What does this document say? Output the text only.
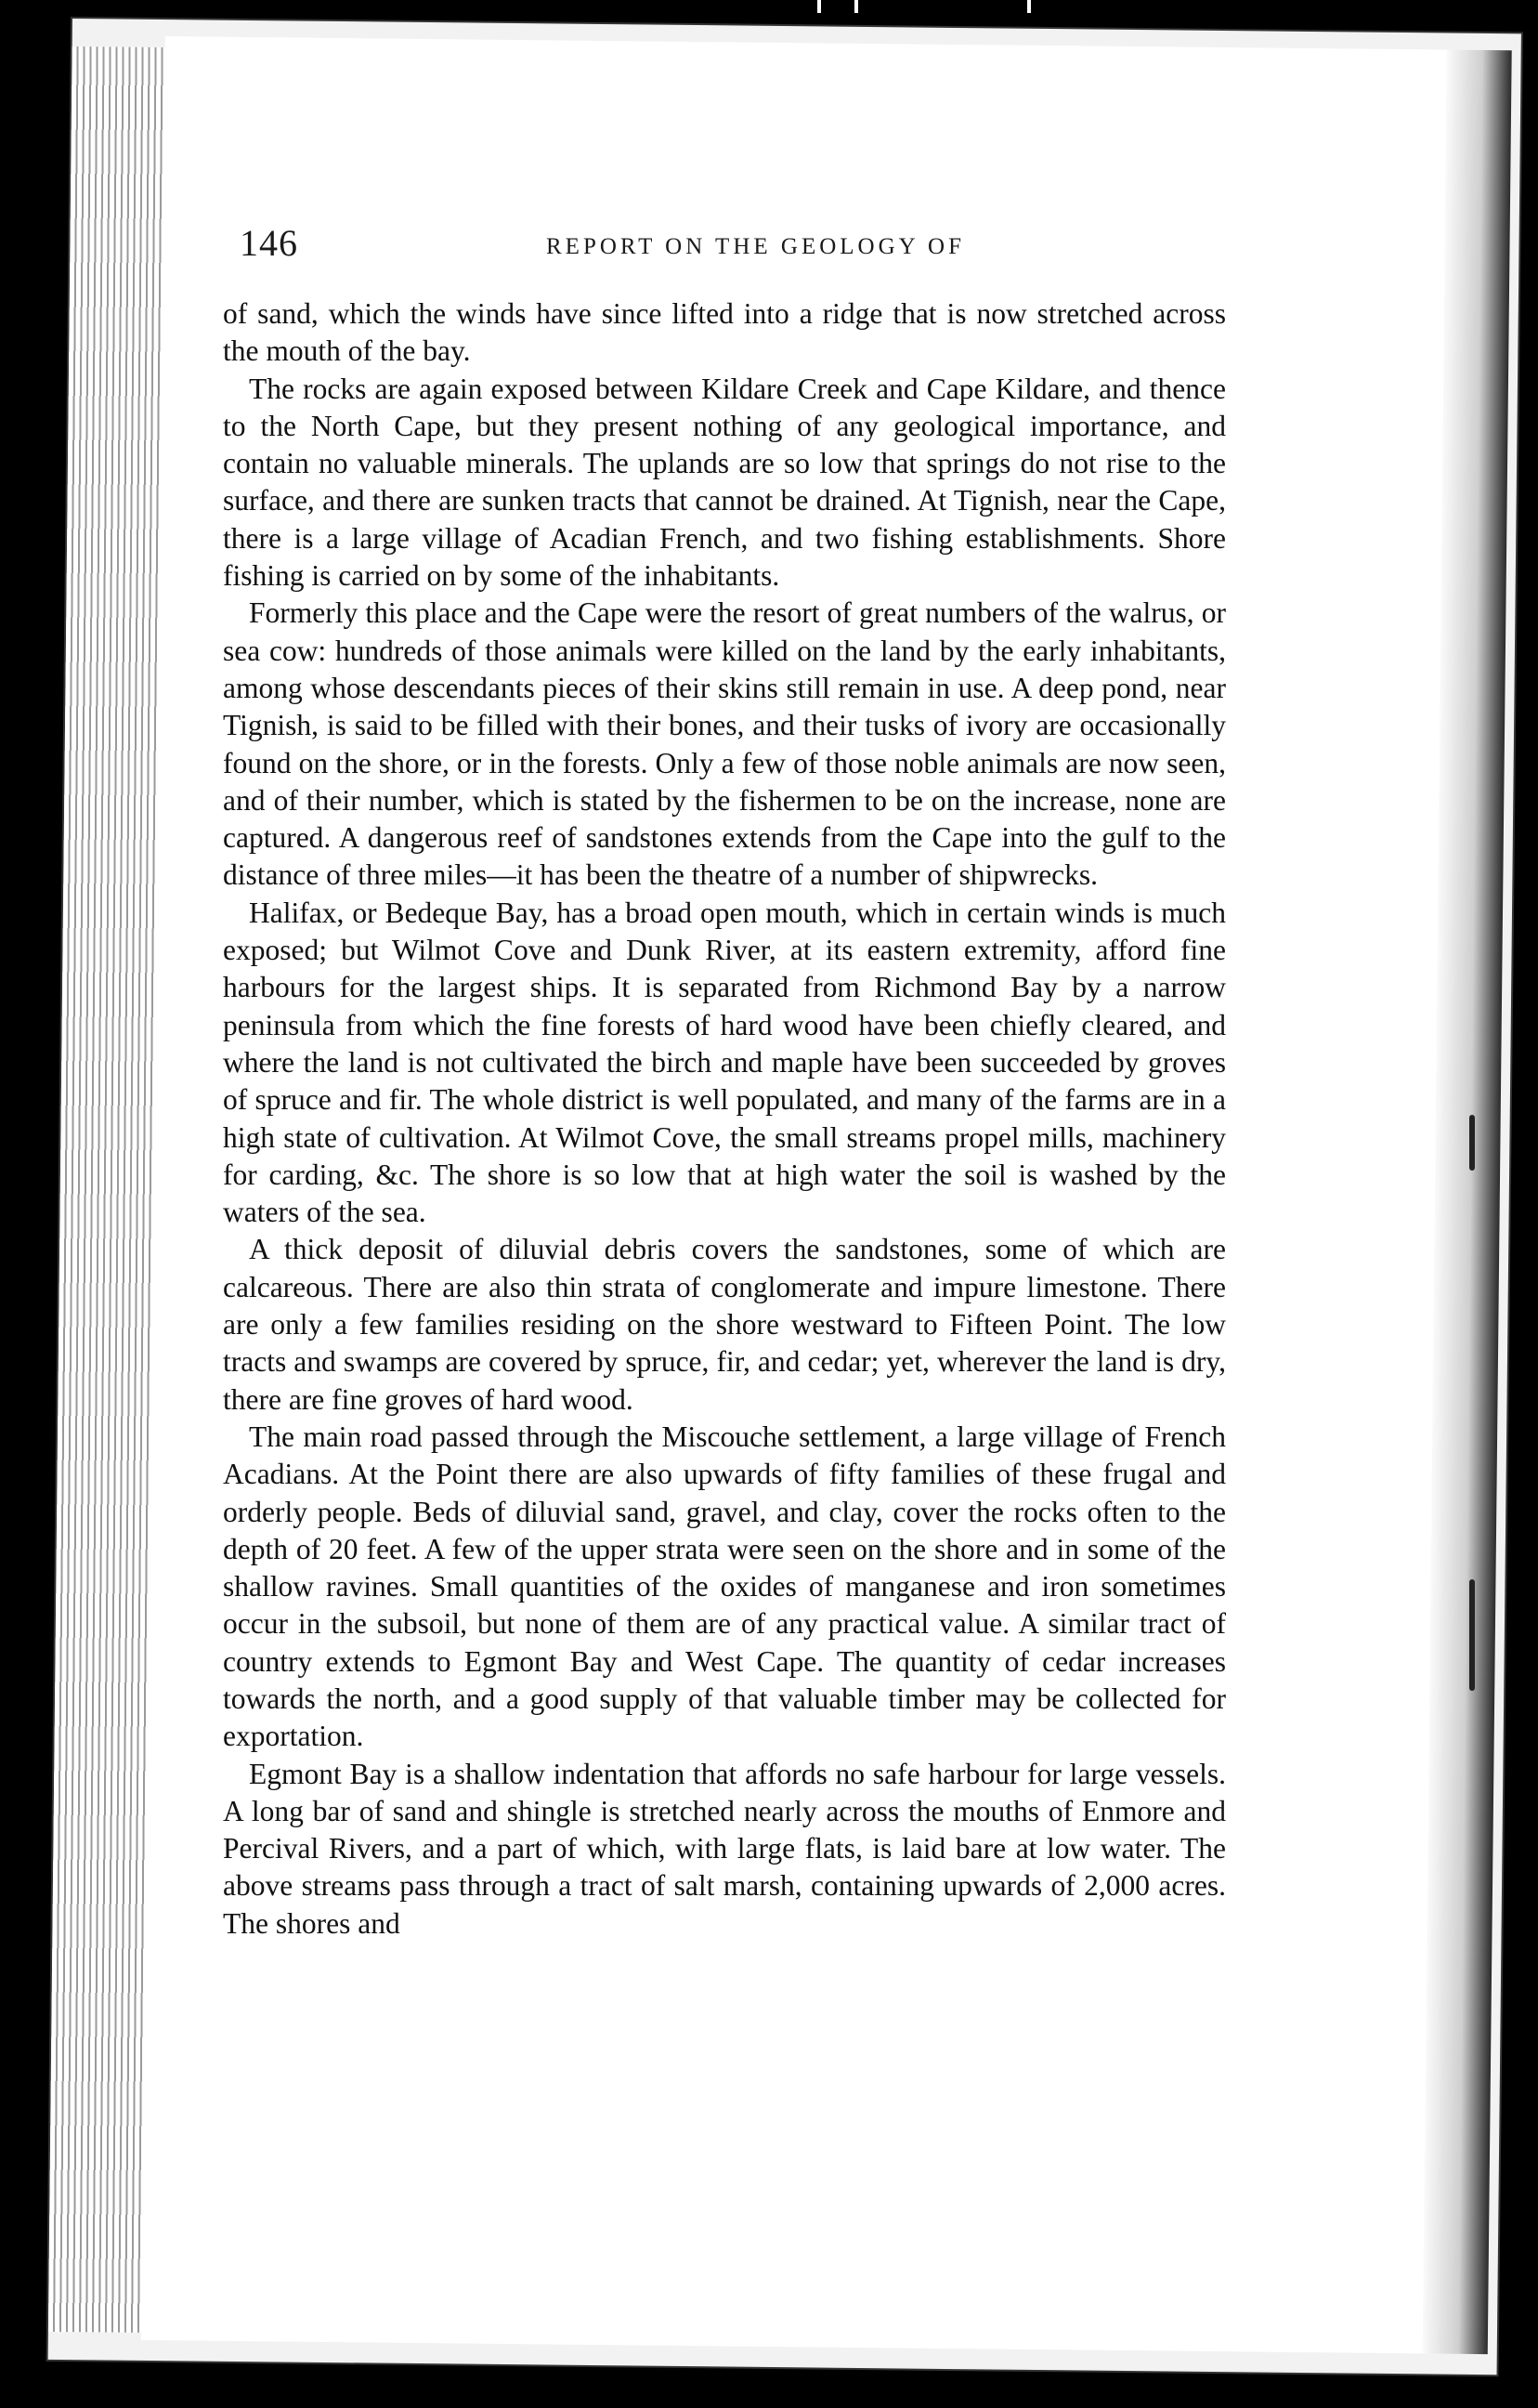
146	REPORT ON THE GEOLOGY OF

of sand, which the winds have since lifted into a ridge that is now stretched across the mouth of the bay.

The rocks are again exposed between Kildare Creek and Cape Kildare, and thence to the North Cape, but they present nothing of any geological importance, and contain no valuable minerals. The uplands are so low that springs do not rise to the surface, and there are sunken tracts that cannot be drained. At Tignish, near the Cape, there is a large village of Acadian French, and two fishing establishments. Shore fishing is carried on by some of the inhabitants.

Formerly this place and the Cape were the resort of great numbers of the walrus, or sea cow: hundreds of those animals were killed on the land by the early inhabitants, among whose descendants pieces of their skins still remain in use. A deep pond, near Tignish, is said to be filled with their bones, and their tusks of ivory are occasionally found on the shore, or in the forests. Only a few of those noble animals are now seen, and of their number, which is stated by the fishermen to be on the increase, none are captured. A dangerous reef of sandstones extends from the Cape into the gulf to the distance of three miles—it has been the theatre of a number of shipwrecks.

Halifax, or Bedeque Bay, has a broad open mouth, which in certain winds is much exposed; but Wilmot Cove and Dunk River, at its eastern extremity, afford fine harbours for the largest ships. It is separated from Richmond Bay by a narrow peninsula from which the fine forests of hard wood have been chiefly cleared, and where the land is not cultivated the birch and maple have been succeeded by groves of spruce and fir. The whole district is well populated, and many of the farms are in a high state of cultivation. At Wilmot Cove, the small streams propel mills, machinery for carding, &c. The shore is so low that at high water the soil is washed by the waters of the sea.

A thick deposit of diluvial debris covers the sandstones, some of which are calcareous. There are also thin strata of conglomerate and impure limestone. There are only a few families residing on the shore westward to Fifteen Point. The low tracts and swamps are covered by spruce, fir, and cedar; yet, wherever the land is dry, there are fine groves of hard wood.

The main road passed through the Miscouche settlement, a large village of French Acadians. At the Point there are also upwards of fifty families of these frugal and orderly people. Beds of diluvial sand, gravel, and clay, cover the rocks often to the depth of 20 feet. A few of the upper strata were seen on the shore and in some of the shallow ravines. Small quantities of the oxides of manganese and iron sometimes occur in the subsoil, but none of them are of any practical value. A similar tract of country extends to Egmont Bay and West Cape. The quantity of cedar increases towards the north, and a good supply of that valuable timber may be collected for exportation.

Egmont Bay is a shallow indentation that affords no safe harbour for large vessels. A long bar of sand and shingle is stretched nearly across the mouths of Enmore and Percival Rivers, and a part of which, with large flats, is laid bare at low water. The above streams pass through a tract of salt marsh, containing upwards of 2,000 acres. The shores and
